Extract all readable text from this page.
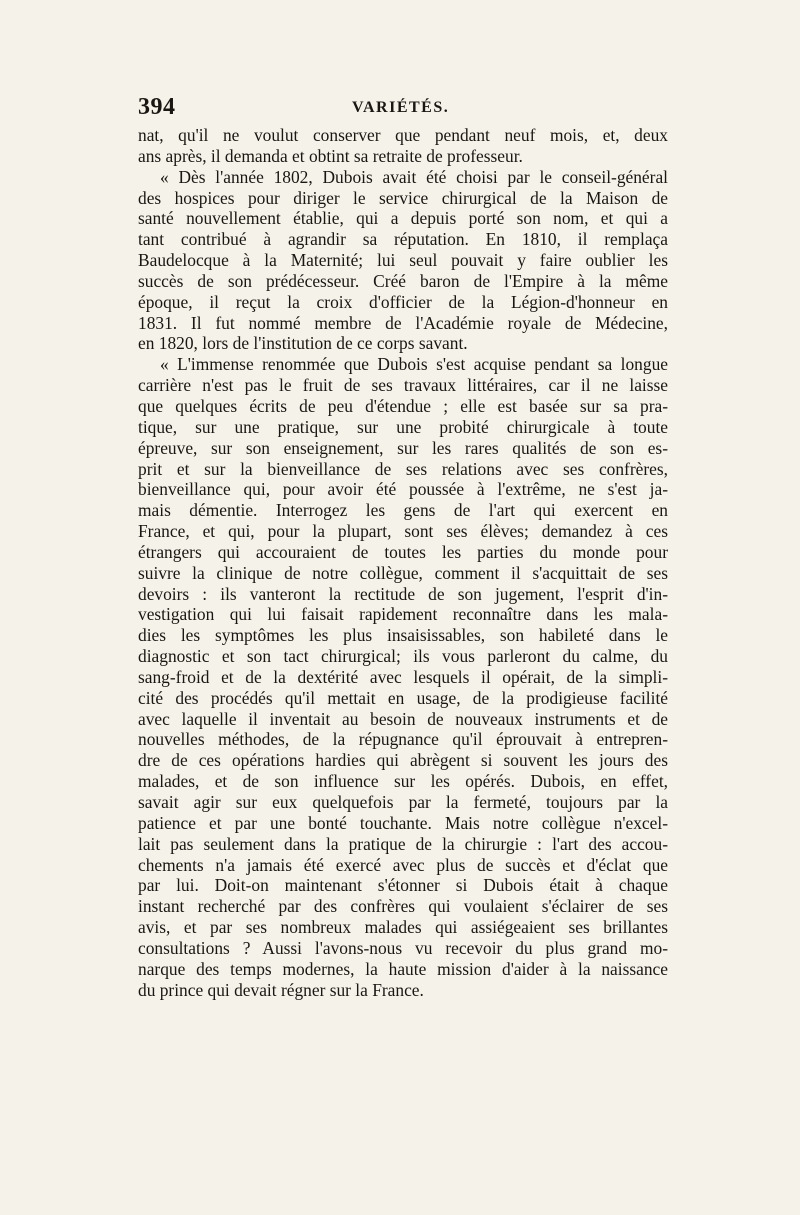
394	VARIÉTÉS.
nat, qu'il ne voulut conserver que pendant neuf mois, et, deux
ans après, il demanda et obtint sa retraite de professeur.
« Dès l'année 1802, Dubois avait été choisi par le conseil-général
des hospices pour diriger le service chirurgical de la Maison de
santé nouvellement établie, qui a depuis porté son nom, et qui a
tant contribué à agrandir sa réputation. En 1810, il remplaça
Baudelocque à la Maternité; lui seul pouvait y faire oublier les
succès de son prédécesseur. Créé baron de l'Empire à la même
époque, il reçut la croix d'officier de la Légion-d'honneur en
1831. Il fut nommé membre de l'Académie royale de Médecine,
en 1820, lors de l'institution de ce corps savant.
« L'immense renommée que Dubois s'est acquise pendant sa longue
carrière n'est pas le fruit de ses travaux littéraires, car il ne laisse
que quelques écrits de peu d'étendue ; elle est basée sur sa pra-
tique, sur une pratique, sur une probité chirurgicale à toute
épreuve, sur son enseignement, sur les rares qualités de son es-
prit et sur la bienveillance de ses relations avec ses confrères,
bienveillance qui, pour avoir été poussée à l'extrême, ne s'est ja-
mais démentie. Interrogez les gens de l'art qui exercent en
France, et qui, pour la plupart, sont ses élèves; demandez à ces
étrangers qui accouraient de toutes les parties du monde pour
suivre la clinique de notre collègue, comment il s'acquittait de ses
devoirs : ils vanteront la rectitude de son jugement, l'esprit d'in-
vestigation qui lui faisait rapidement reconnaître dans les mala-
dies les symptômes les plus insaisissables, son habileté dans le
diagnostic et son tact chirurgical; ils vous parleront du calme, du
sang-froid et de la dextérité avec lesquels il opérait, de la simpli-
cité des procédés qu'il mettait en usage, de la prodigieuse facilité
avec laquelle il inventait au besoin de nouveaux instruments et de
nouvelles méthodes, de la répugnance qu'il éprouvait à entrepren-
dre de ces opérations hardies qui abrègent si souvent les jours des
malades, et de son influence sur les opérés. Dubois, en effet,
savait agir sur eux quelquefois par la fermeté, toujours par la
patience et par une bonté touchante. Mais notre collègue n'excel-
lait pas seulement dans la pratique de la chirurgie : l'art des accou-
chements n'a jamais été exercé avec plus de succès et d'éclat que
par lui. Doit-on maintenant s'étonner si Dubois était à chaque
instant recherché par des confrères qui voulaient s'éclairer de ses
avis, et par ses nombreux malades qui assiégeaient ses brillantes
consultations ? Aussi l'avons-nous vu recevoir du plus grand mo-
narque des temps modernes, la haute mission d'aider à la naissance
du prince qui devait régner sur la France.
